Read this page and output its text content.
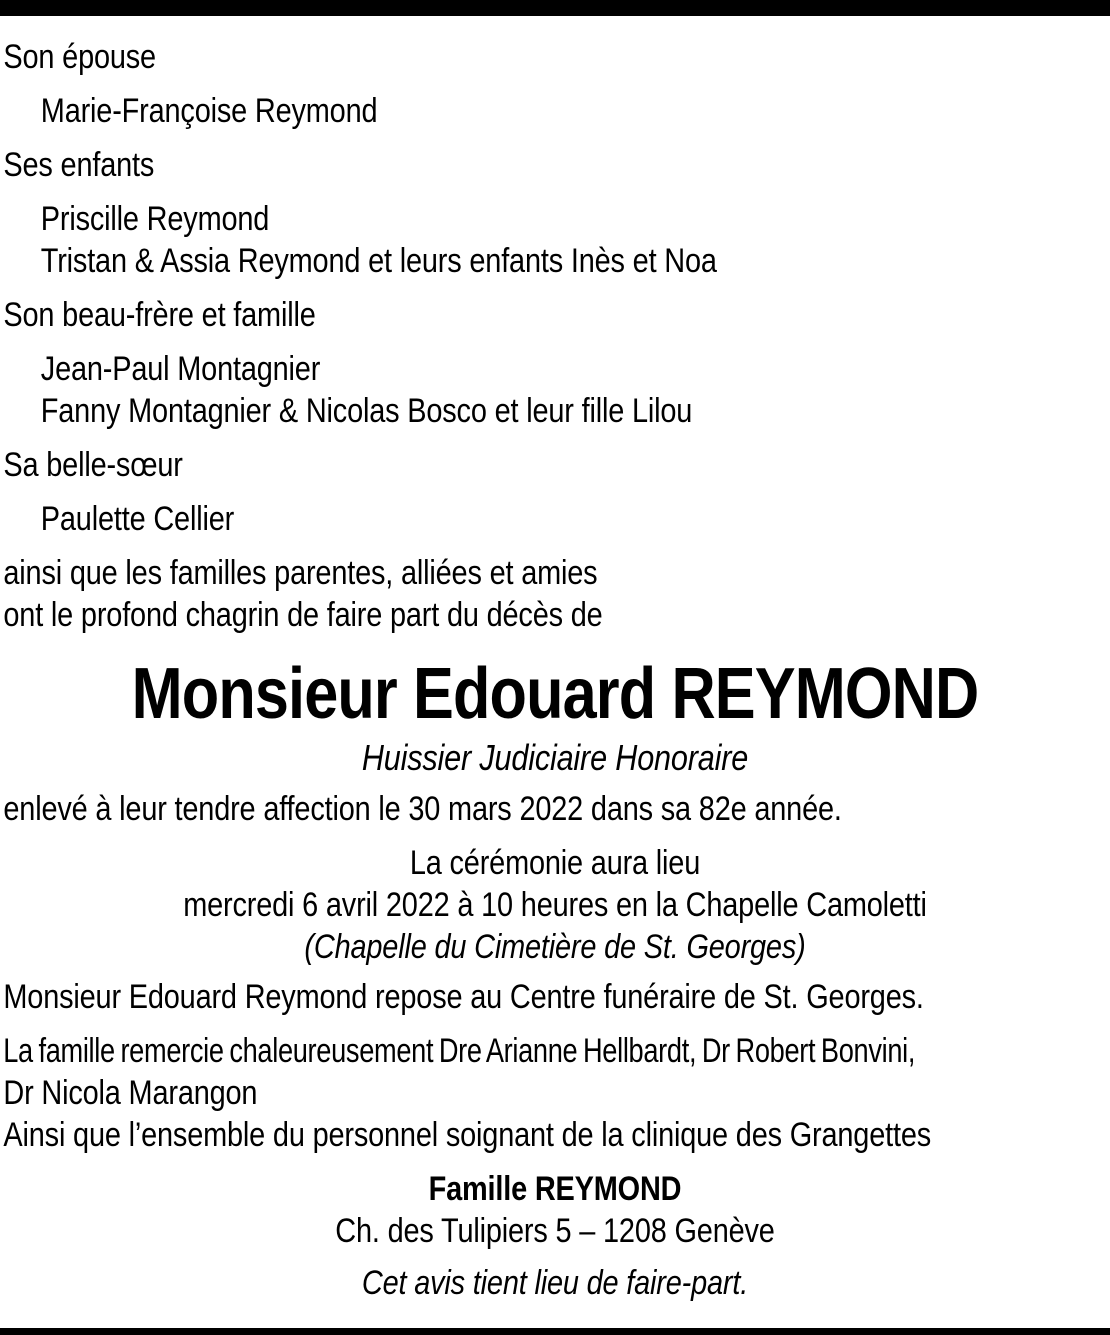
Son épouse
Marie-Françoise Reymond
Ses enfants
Priscille Reymond
Tristan & Assia Reymond et leurs enfants Inès et Noa
Son beau-frère et famille
Jean-Paul Montagnier
Fanny Montagnier & Nicolas Bosco et leur fille Lilou
Sa belle-sœur
Paulette Cellier
ainsi que les familles parentes, alliées et amies
ont le profond chagrin de faire part du décès de
Monsieur Edouard REYMOND
Huissier Judiciaire Honoraire
enlevé à leur tendre affection le 30 mars 2022 dans sa 82e année.
La cérémonie aura lieu
mercredi 6 avril 2022 à 10 heures en la Chapelle Camoletti
(Chapelle du Cimetière de St. Georges)
Monsieur Edouard Reymond repose au Centre funéraire de St. Georges.
La famille remercie chaleureusement Dre Arianne Hellbardt, Dr Robert Bonvini,
Dr Nicola Marangon
Ainsi que l’ensemble du personnel soignant de la clinique des Grangettes
Famille REYMOND
Ch. des Tulipiers 5 – 1208 Genève
Cet avis tient lieu de faire-part.
